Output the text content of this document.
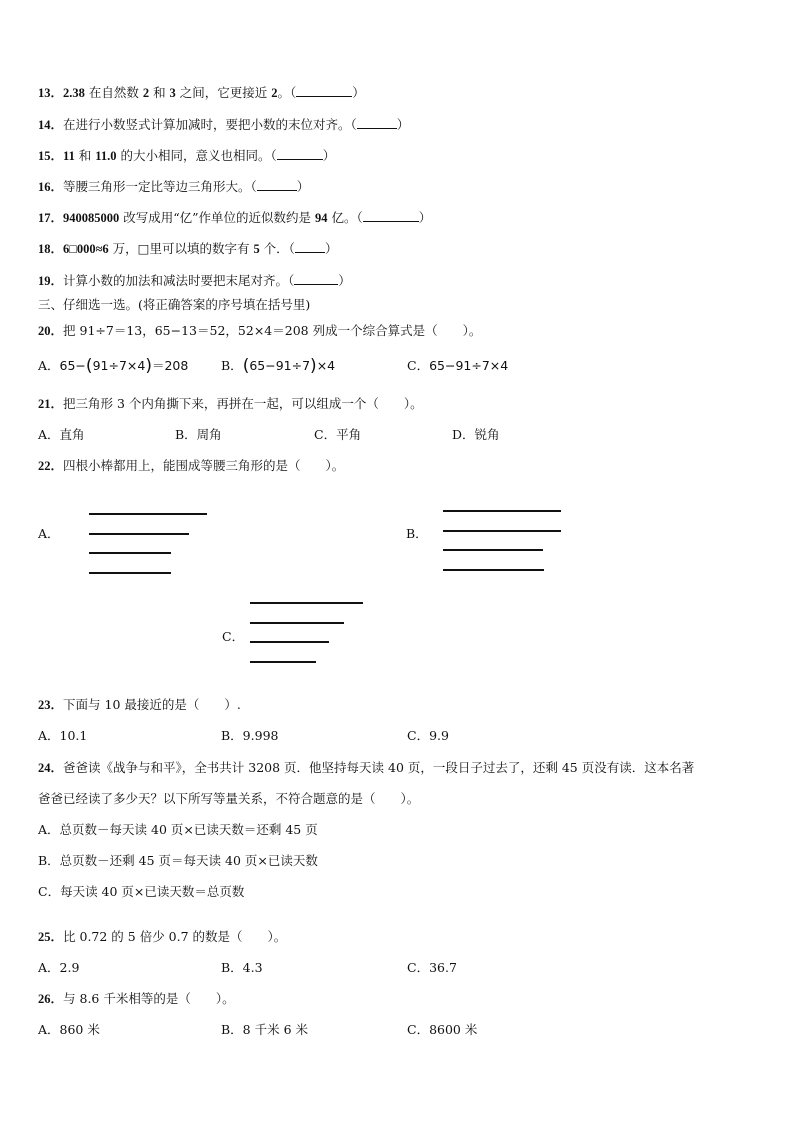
13．2.38 在自然数 2 和 3 之间，它更接近 2。（	）
14．在进行小数竖式计算加减时，要把小数的末位对齐。（	）
15．11 和 11.0 的大小相同，意义也相同。（	）
16．等腰三角形一定比等边三角形大。（	）
17．940085000 改写成用“亿”作单位的近似数约是 94 亿。（	）
18．6□000≈6 万，□里可以填的数字有 5 个．（ ）
19．计算小数的加法和减法时要把末尾对齐。（	）
三、仔细选一选。(将正确答案的序号填在括号里)
20．把 91÷7＝13，65−13＝52，52×4＝208 列成一个综合算式是（　　）。
A．65−(91÷7×4)＝208	B．(65−91÷7)×4	C．65−91÷7×4
21．把三角形 3 个内角撕下来，再拼在一起，可以组成一个（　　）。
A．直角	B．周角	C．平角	D．锐角
22．四根小棒都用上，能围成等腰三角形的是（　　）。
A．	B．
C．
23．下面与 10 最接近的是（　　）.
A．10.1	B．9.998	C．9.9
24．爸爸读《战争与和平》，全书共计 3208 页．他坚持每天读 40 页，一段日子过去了，还剩 45 页没有读．这本名著
爸爸已经读了多少天？以下所写等量关系，不符合题意的是（　　）。
A．总页数－每天读 40 页×已读天数＝还剩 45 页
B．总页数－还剩 45 页＝每天读 40 页×已读天数
C．每天读 40 页×已读天数＝总页数
25．比 0.72 的 5 倍少 0.7 的数是（　　）。
A．2.9	B．4.3	C．36.7
26．与 8.6 千米相等的是（　　）。
A．860 米	B．8 千米 6 米	C．8600 米
